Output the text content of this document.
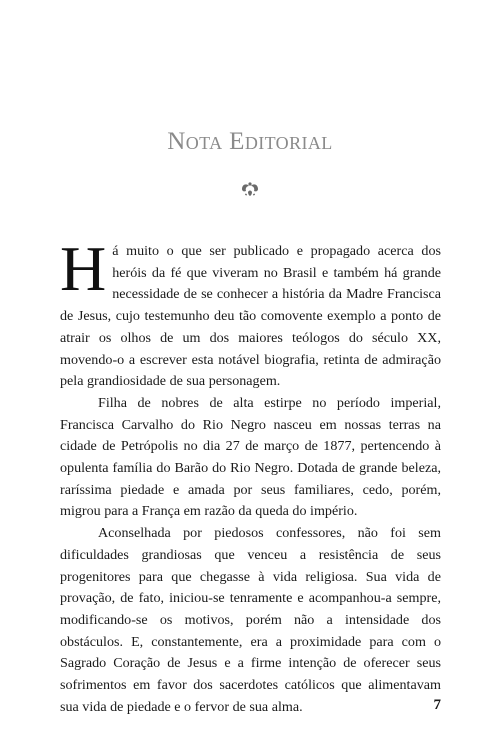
Nota Editorial

Há muito o que ser publicado e propagado acerca dos heróis da fé que viveram no Brasil e também há grande necessidade de se conhecer a história da Madre Francisca de Jesus, cujo testemunho deu tão comovente exemplo a ponto de atrair os olhos de um dos maiores teólogos do século XX, movendo-o a escrever esta notável biografia, retinta de admiração pela grandiosidade de sua personagem.

Filha de nobres de alta estirpe no período imperial, Francisca Carvalho do Rio Negro nasceu em nossas terras na cidade de Petrópolis no dia 27 de março de 1877, pertencendo à opulenta família do Barão do Rio Negro. Dotada de grande beleza, raríssima piedade e amada por seus familiares, cedo, porém, migrou para a França em razão da queda do império.

Aconselhada por piedosos confessores, não foi sem dificuldades grandiosas que venceu a resistência de seus progenitores para que chegasse à vida religiosa. Sua vida de provação, de fato, iniciou-se tenramente e acompanhou-a sempre, modificando-se os motivos, porém não a intensidade dos obstáculos. E, constantemente, era a proximidade para com o Sagrado Coração de Jesus e a firme intenção de oferecer seus sofrimentos em favor dos sacerdotes católicos que alimentavam sua vida de piedade e o fervor de sua alma.	7
